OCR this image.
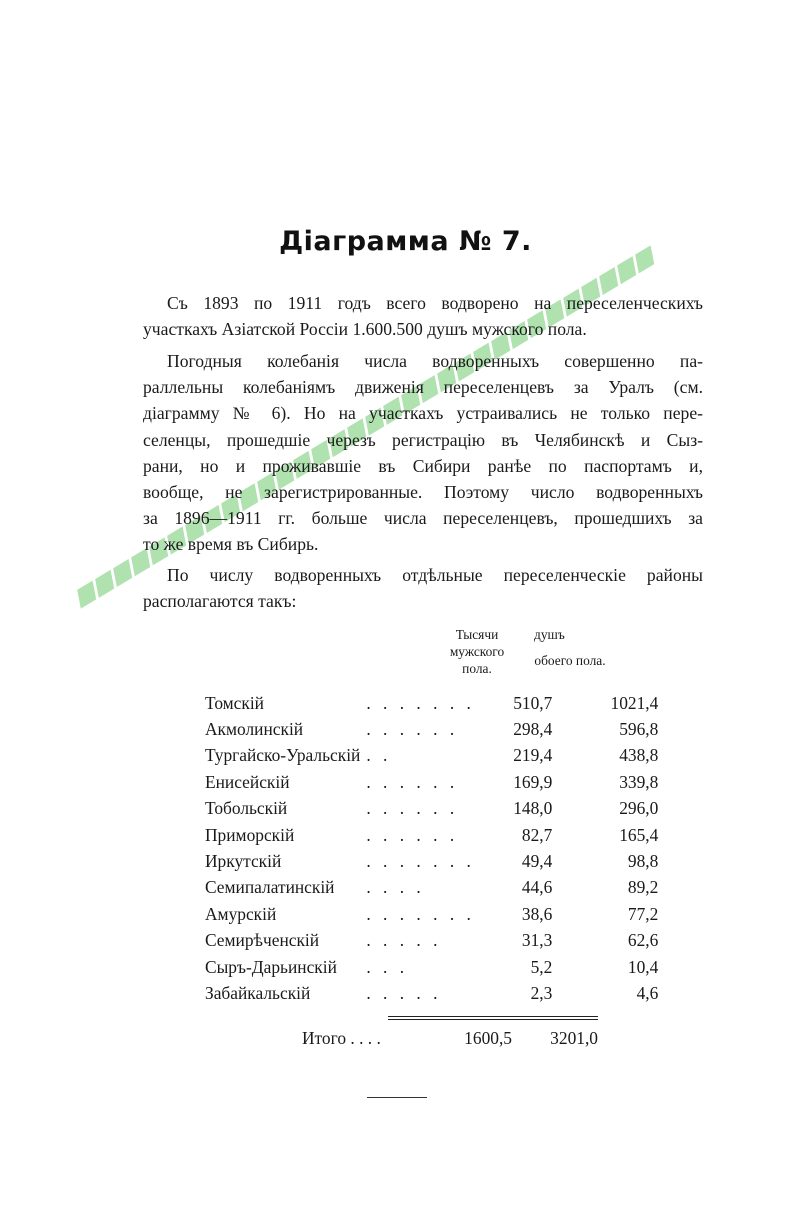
Діаграмма № 7.

Съ 1893 по 1911 годъ всего водворено на переселенческихъ
участкахъ Азіатской Россіи 1.600.500 душъ мужского пола.

Погодныя колебанія числа водворенныхъ совершенно па-
раллельны колебаніямъ движенія переселенцевъ за Уралъ (см.
діаграмму № 6). Но на участкахъ устраивались не только пере-
селенцы, прошедшіе черезъ регистрацію въ Челябинскѣ и Сыз-
рани, но и проживавшіе въ Сибири ранѣе по паспортамъ и,
вообще, не зарегистрированные. Поэтому число водворенныхъ
за 1896—1911 гг. больше числа переселенцевъ, прошедшихъ за
то же время въ Сибирь.

По числу водворенныхъ отдѣльные переселенческіе районы
располагаются такъ:

Тысячи
мужского
пола.
душъ
обоего пола.
Томскій	. . . . . . .	510,7	1021,4
Акмолинскій	. . . . . .	298,4	596,8
Тургайско-Уральскій	. .	219,4	438,8
Енисейскій	. . . . . .	169,9	339,8
Тобольскій	. . . . . .	148,0	296,0
Приморскій	. . . . . .	82,7	165,4
Иркутскій	. . . . . . .	49,4	98,8
Семипалатинскій	. . . .	44,6	89,2
Амурскій	. . . . . . .	38,6	77,2
Семирѣченскій	. . . . .	31,3	62,6
Сыръ-Дарьинскій	. . .	5,2	10,4
Забайкальскій	. . . . .	2,3	4,6
Итого . . . .	1600,5	3201,0
